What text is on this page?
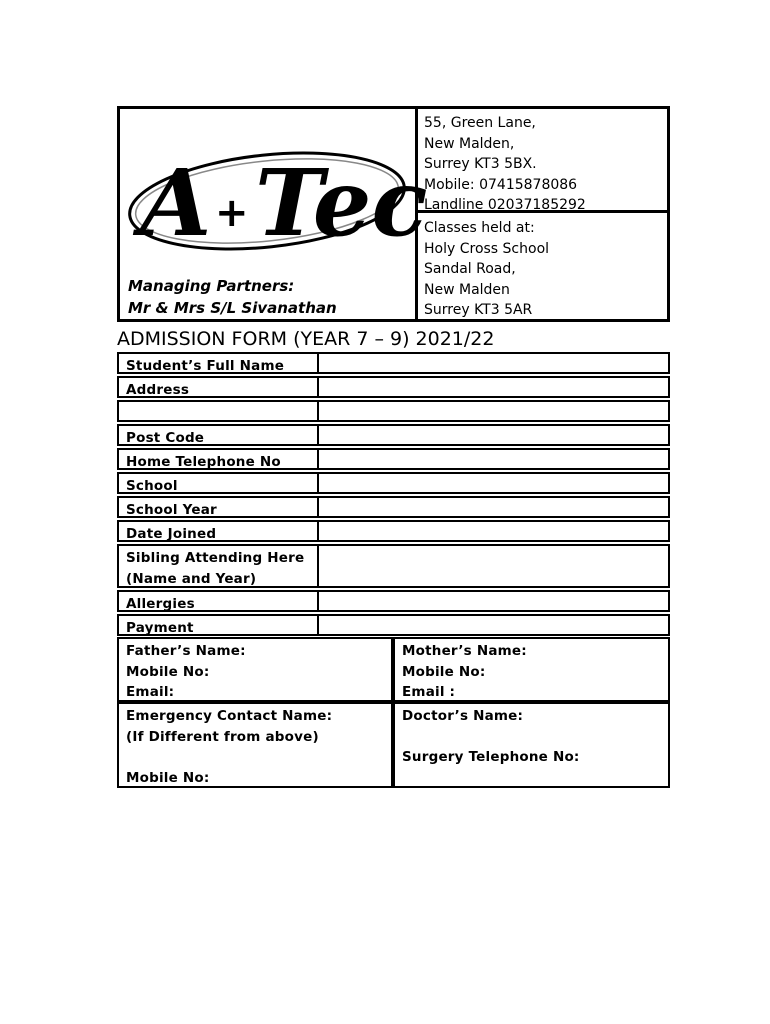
A + Tec
Managing Partners:
Mr & Mrs S/L Sivanathan
55, Green Lane,
New Malden,
Surrey KT3 5BX.
Mobile: 07415878086
Landline 02037185292
Classes held at:
Holy Cross School
Sandal Road,
New Malden
Surrey KT3 5AR
ADMISSION FORM (YEAR 7 – 9) 2021/22
Student’s Full Name
Address
Post Code
Home Telephone No
School
School Year
Date Joined
Sibling Attending Here
(Name and Year)
Allergies
Payment
Father’s Name:
Mobile No:
Email:
Mother’s Name:
Mobile No:
Email :
Emergency Contact Name:
(If Different from above)
Mobile No:
Doctor’s Name:
Surgery Telephone No:
